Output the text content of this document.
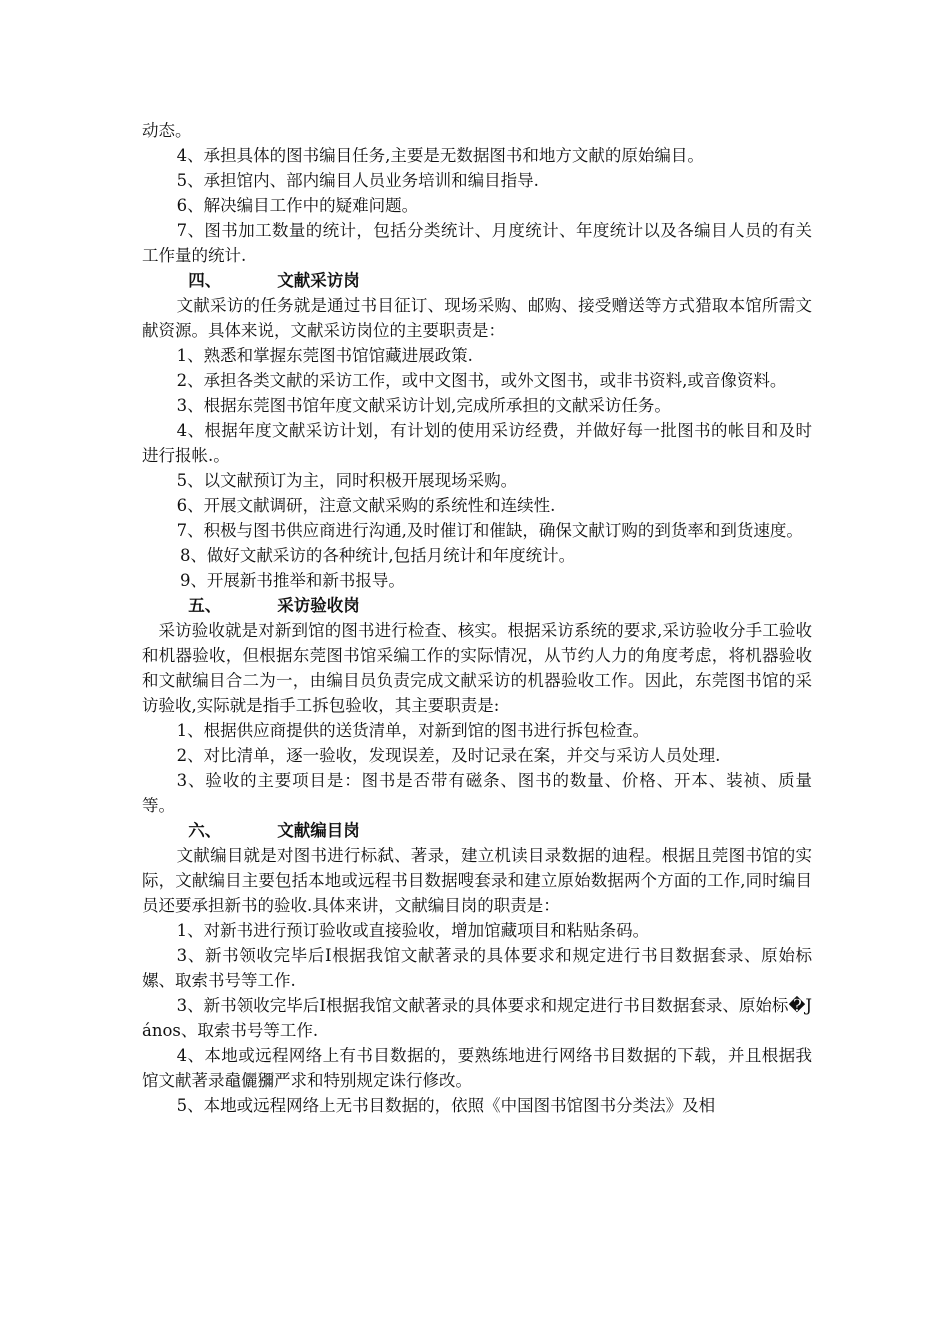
动态。

4、承担具体的图书编目任务,主要是无数据图书和地方文献的原始编目。

5、承担馆内、部内编目人员业务培训和编目指导.

6、解决编目工作中的疑难问题。

7、图书加工数量的统计，包括分类统计、月度统计、年度统计以及各编目人员的有关工作量的统计.

四、	文献采访岗

文献采访的任务就是通过书目征订、现场采购、邮购、接受赠送等方式猎取本馆所需文献资源。具体来说，文献采访岗位的主要职责是：

1、熟悉和掌握东莞图书馆馆藏进展政策.

2、承担各类文献的采访工作，或中文图书，或外文图书，或非书资料,或音像资料。

3、根据东莞图书馆年度文献采访计划,完成所承担的文献采访任务。

4、根据年度文献采访计划，有计划的使用采访经费，并做好每一批图书的帐目和及时进行报帐.。

5、以文献预订为主，同时积极开展现场采购。

6、开展文献调研，注意文献采购的系统性和连续性.

7、积极与图书供应商进行沟通,及时催订和催缺，确保文献订购的到货率和到货速度。

8、做好文献采访的各种统计,包括月统计和年度统计。

9、开展新书推举和新书报导。

五、	采访验收岗

采访验收就是对新到馆的图书进行检查、核实。根据采访系统的要求,采访验收分手工验收和机器验收，但根据东莞图书馆采编工作的实际情况，从节约人力的角度考虑，将机器验收和文献编目合二为一，由编目员负责完成文献采访的机器验收工作。因此，东莞图书馆的采访验收,实际就是指手工拆包验收，其主要职责是:

1、根据供应商提供的送货清单，对新到馆的图书进行拆包检查。

2、对比清单，逐一验收，发现误差，及时记录在案，并交与采访人员处理.

3、验收的主要项目是：图书是否带有磁条、图书的数量、价格、开本、装祯、质量等。

六、	文献编目岗

文献编目就是对图书进行标弑、著录，建立机读目录数据的迪程。根据且莞图书馆的实际，文献编目主要包括本地或远程书目数据嗖套录和建立原始数据两个方面的工作,同时编目员还要承担新书的验收.具体来讲，文献编目岗的职责是：

1、对新书进行预订验收或直接验收，增加馆藏项目和粘贴条码。

3、新书领收完毕后Ⅰ根据我馆文献著录的具体要求和规定进行书目数据套录、原始标嫘、取索书号等工作.

3、新书领收完毕后Ⅰ根据我馆文献著录的具体要求和规定进行书目数据套录、原始标�János、取索书号等工作.

4、本地或远程网络上有书目数据的，要熟练地进行网络书目数据的下载，并且根据我馆文献著录鼀儷獼严求和特别规定诛行修改。

5、本地或远程网络上无书目数据的，依照《中国图书馆图书分类法》及相
